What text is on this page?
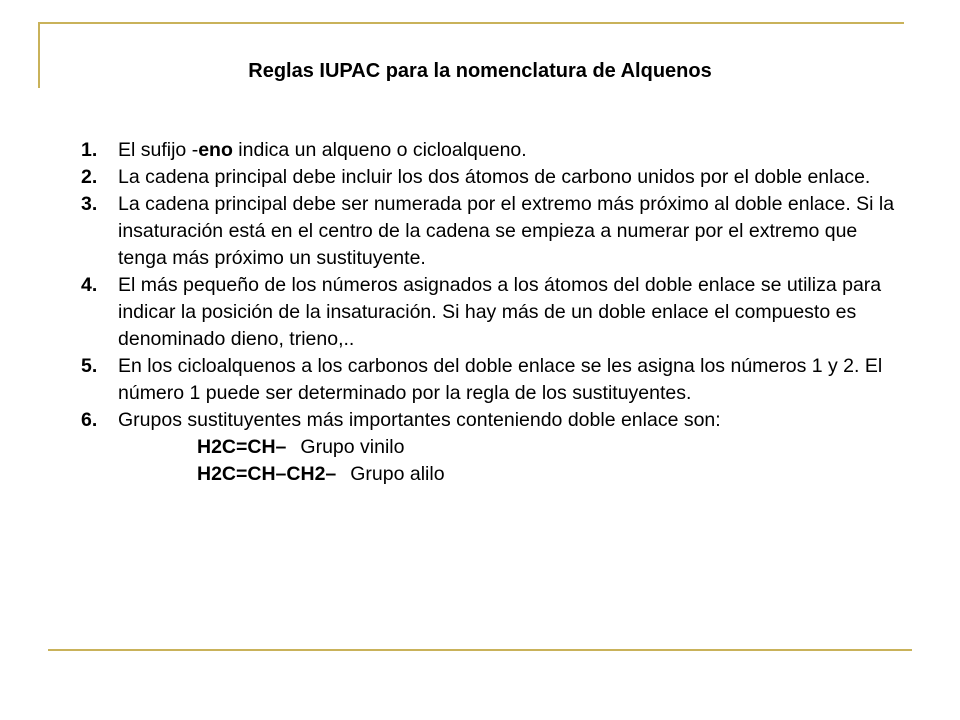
Reglas IUPAC para la nomenclatura de Alquenos
1. El sufijo -eno indica un alqueno o cicloalqueno.
2. La cadena principal debe incluir los dos átomos de carbono unidos por el doble enlace.
3. La cadena principal debe ser numerada por el extremo más próximo al doble enlace. Si la insaturación está en el centro de la cadena se empieza a numerar por el extremo que tenga más próximo un sustituyente.
4. El más pequeño de los números asignados a los átomos del doble enlace se utiliza para indicar la posición de la insaturación. Si hay más de un doble enlace el compuesto es denominado dieno, trieno,..
5. En los cicloalquenos a los carbonos del doble enlace se les asigna los números 1 y 2. El número 1 puede ser determinado por la regla de los sustituyentes.
6. Grupos sustituyentes más importantes conteniendo doble enlace son:
H2C=CH– Grupo vinilo
H2C=CH–CH2– Grupo alilo
